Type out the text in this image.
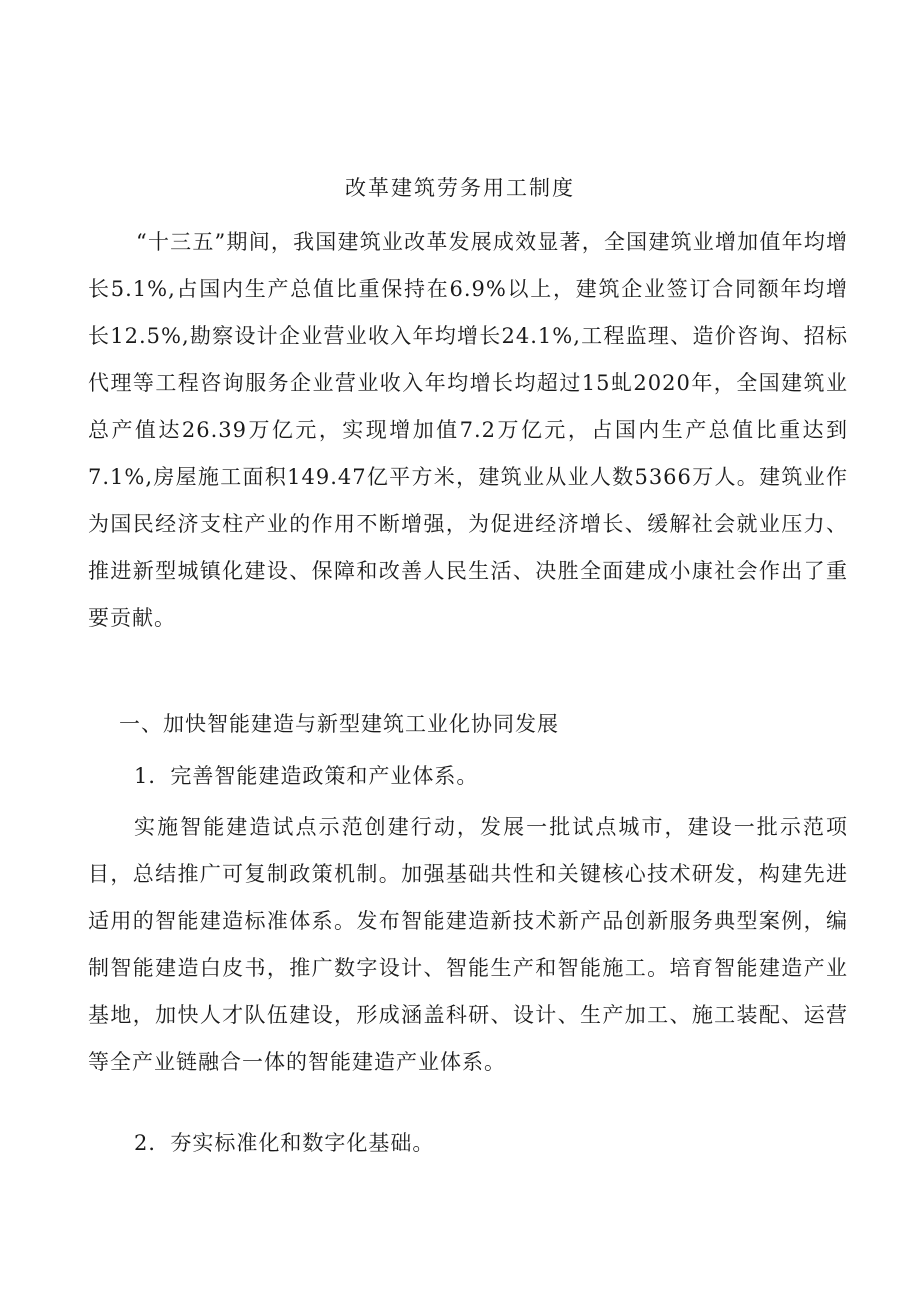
改革建筑劳务用工制度

“十三五”期间，我国建筑业改革发展成效显著，全国建筑业增加值年均增长5.1%,占国内生产总值比重保持在6.9%以上，建筑企业签订合同额年均增长12.5%,勘察设计企业营业收入年均增长24.1%,工程监理、造价咨询、招标代理等工程咨询服务企业营业收入年均增长均超过15虬2020年，全国建筑业总产值达26.39万亿元，实现增加值7.2万亿元，占国内生产总值比重达到7.1%,房屋施工面积149.47亿平方米，建筑业从业人数5366万人。建筑业作为国民经济支柱产业的作用不断增强，为促进经济增长、缓解社会就业压力、推进新型城镇化建设、保障和改善人民生活、决胜全面建成小康社会作出了重要贡献。

一、加快智能建造与新型建筑工业化协同发展
1．完善智能建造政策和产业体系。

实施智能建造试点示范创建行动，发展一批试点城市，建设一批示范项目，总结推广可复制政策机制。加强基础共性和关键核心技术研发，构建先进适用的智能建造标准体系。发布智能建造新技术新产品创新服务典型案例，编制智能建造白皮书，推广数字设计、智能生产和智能施工。培育智能建造产业基地，加快人才队伍建设，形成涵盖科研、设计、生产加工、施工装配、运营等全产业链融合一体的智能建造产业体系。

2．夯实标准化和数字化基础。
